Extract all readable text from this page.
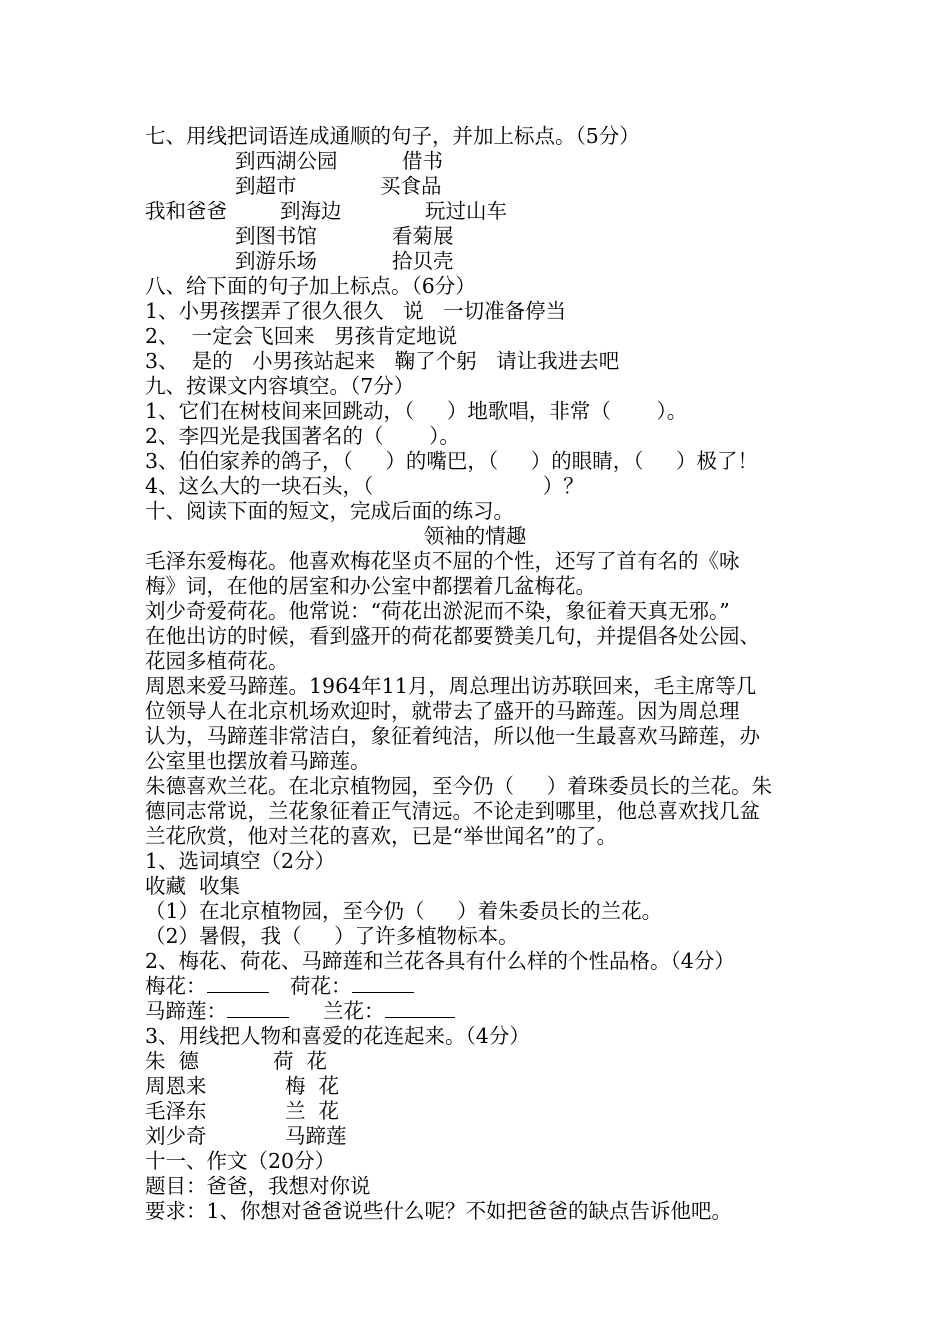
七、用线把词语连成通顺的句子，并加上标点。（5分）
到西湖公园	借书
到超市	买食品
我和爸爸	到海边	玩过山车
到图书馆	看菊展
到游乐场	拾贝壳
八、给下面的句子加上标点。（6分）
1、小男孩摆弄了很久很久   说   一切准备停当
2、  一定会飞回来   男孩肯定地说
3、  是的   小男孩站起来   鞠了个躬   请让我进去吧
九、按课文内容填空。（7分）
1、它们在树枝间来回跳动，（     ）地歌唱，非常（       ）。
2、李四光是我国著名的（       ）。
3、伯伯家养的鸽子，（     ）的嘴巴，（     ）的眼睛，（     ）极了！
4、这么大的一块石头，（                          ）？
十、阅读下面的短文，完成后面的练习。
领袖的情趣
毛泽东爱梅花。他喜欢梅花坚贞不屈的个性，还写了首有名的《咏
梅》词，在他的居室和办公室中都摆着几盆梅花。
刘少奇爱荷花。他常说：“荷花出淤泥而不染，象征着天真无邪。”
在他出访的时候，看到盛开的荷花都要赞美几句，并提倡各处公园、
花园多植荷花。
周恩来爱马蹄莲。1964年11月，周总理出访苏联回来，毛主席等几
位领导人在北京机场欢迎时，就带去了盛开的马蹄莲。因为周总理
认为，马蹄莲非常洁白，象征着纯洁，所以他一生最喜欢马蹄莲，办
公室里也摆放着马蹄莲。
朱德喜欢兰花。在北京植物园，至今仍（     ）着珠委员长的兰花。朱
德同志常说，兰花象征着正气清远。不论走到哪里，他总喜欢找几盆
兰花欣赏，他对兰花的喜欢，已是“举世闻名”的了。
1、选词填空（2分）
收藏  收集
（1）在北京植物园，至今仍（     ）着朱委员长的兰花。
（2）暑假，我（     ）了许多植物标本。
2、梅花、荷花、马蹄莲和兰花各具有什么样的个性品格。（4分）
梅花：	荷花：
马蹄莲：	兰花：
3、用线把人物和喜爱的花连起来。（4分）
朱  德	荷  花
周恩来	梅  花
毛泽东	兰  花
刘少奇	马蹄莲
十一、作文（20分）
题目：爸爸，我想对你说
要求：1、你想对爸爸说些什么呢？不如把爸爸的缺点告诉他吧。
